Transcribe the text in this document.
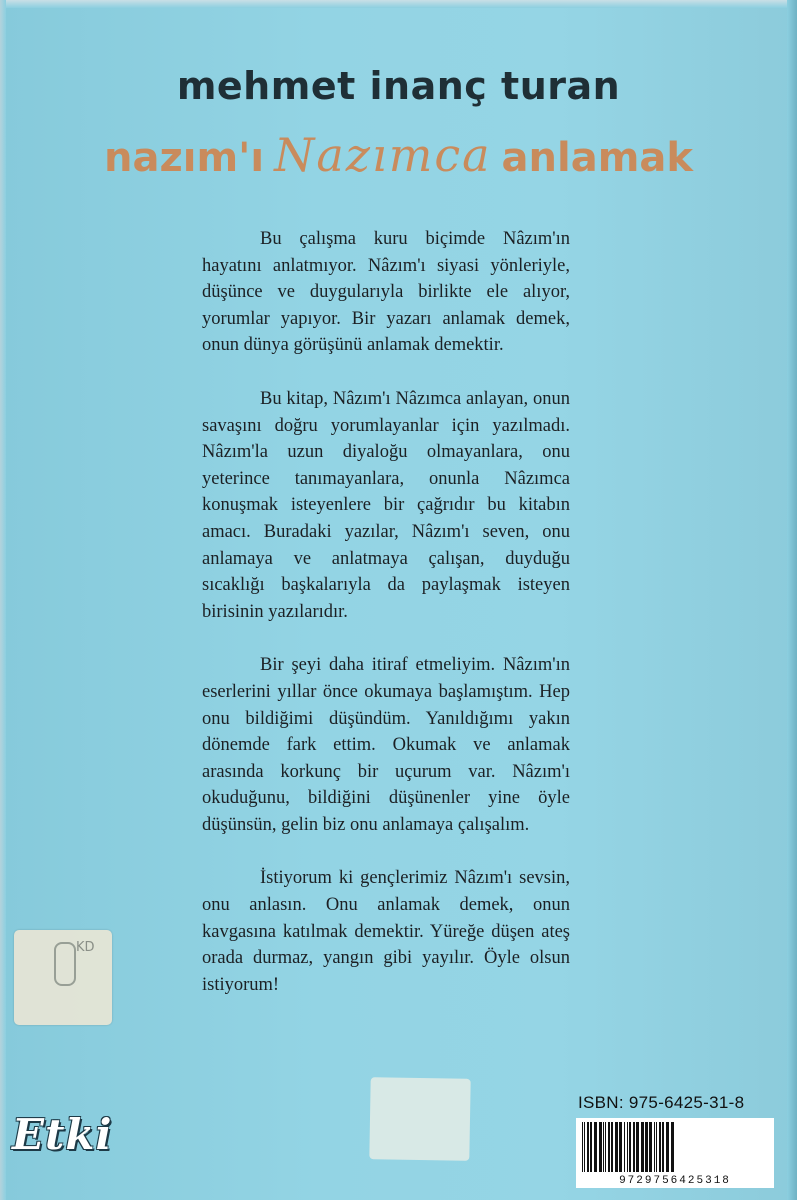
mehmet inanç turan
nazım'ı Nazımca anlamak

Bu çalışma kuru biçimde Nâzım'ın hayatını anlatmıyor. Nâzım'ı siyasi yönleriyle, düşünce ve duygularıyla birlikte ele alıyor, yorumlar yapıyor. Bir yazarı anlamak demek, onun dünya görüşünü anlamak demektir.

Bu kitap, Nâzım'ı Nâzımca anlayan, onun savaşını doğru yorumlayanlar için yazılmadı. Nâzım'la uzun diyaloğu olmayanlara, onu yeterince tanımayanlara, onunla Nâzımca konuşmak isteyenlere bir çağrıdır bu kitabın amacı. Buradaki yazılar, Nâzım'ı seven, onu anlamaya ve anlatmaya çalışan, duyduğu sıcaklığı başkalarıyla da paylaşmak isteyen birisinin yazılarıdır.

Bir şeyi daha itiraf etmeliyim. Nâzım'ın eserlerini yıllar önce okumaya başlamıştım. Hep onu bildiğimi düşündüm. Yanıldığımı yakın dönemde fark ettim. Okumak ve anlamak arasında korkunç bir uçurum var. Nâzım'ı okuduğunu, bildiğini düşünenler yine öyle düşünsün, gelin biz onu anlamaya çalışalım.

İstiyorum ki gençlerimiz Nâzım'ı sevsin, onu anlasın. Onu anlamak demek, onun kavgasına katılmak demektir. Yüreğe düşen ateş orada durmaz, yangın gibi yayılır. Öyle olsun istiyorum!

KD
Etki
ISBN: 975-6425-31-8
9729756425318
